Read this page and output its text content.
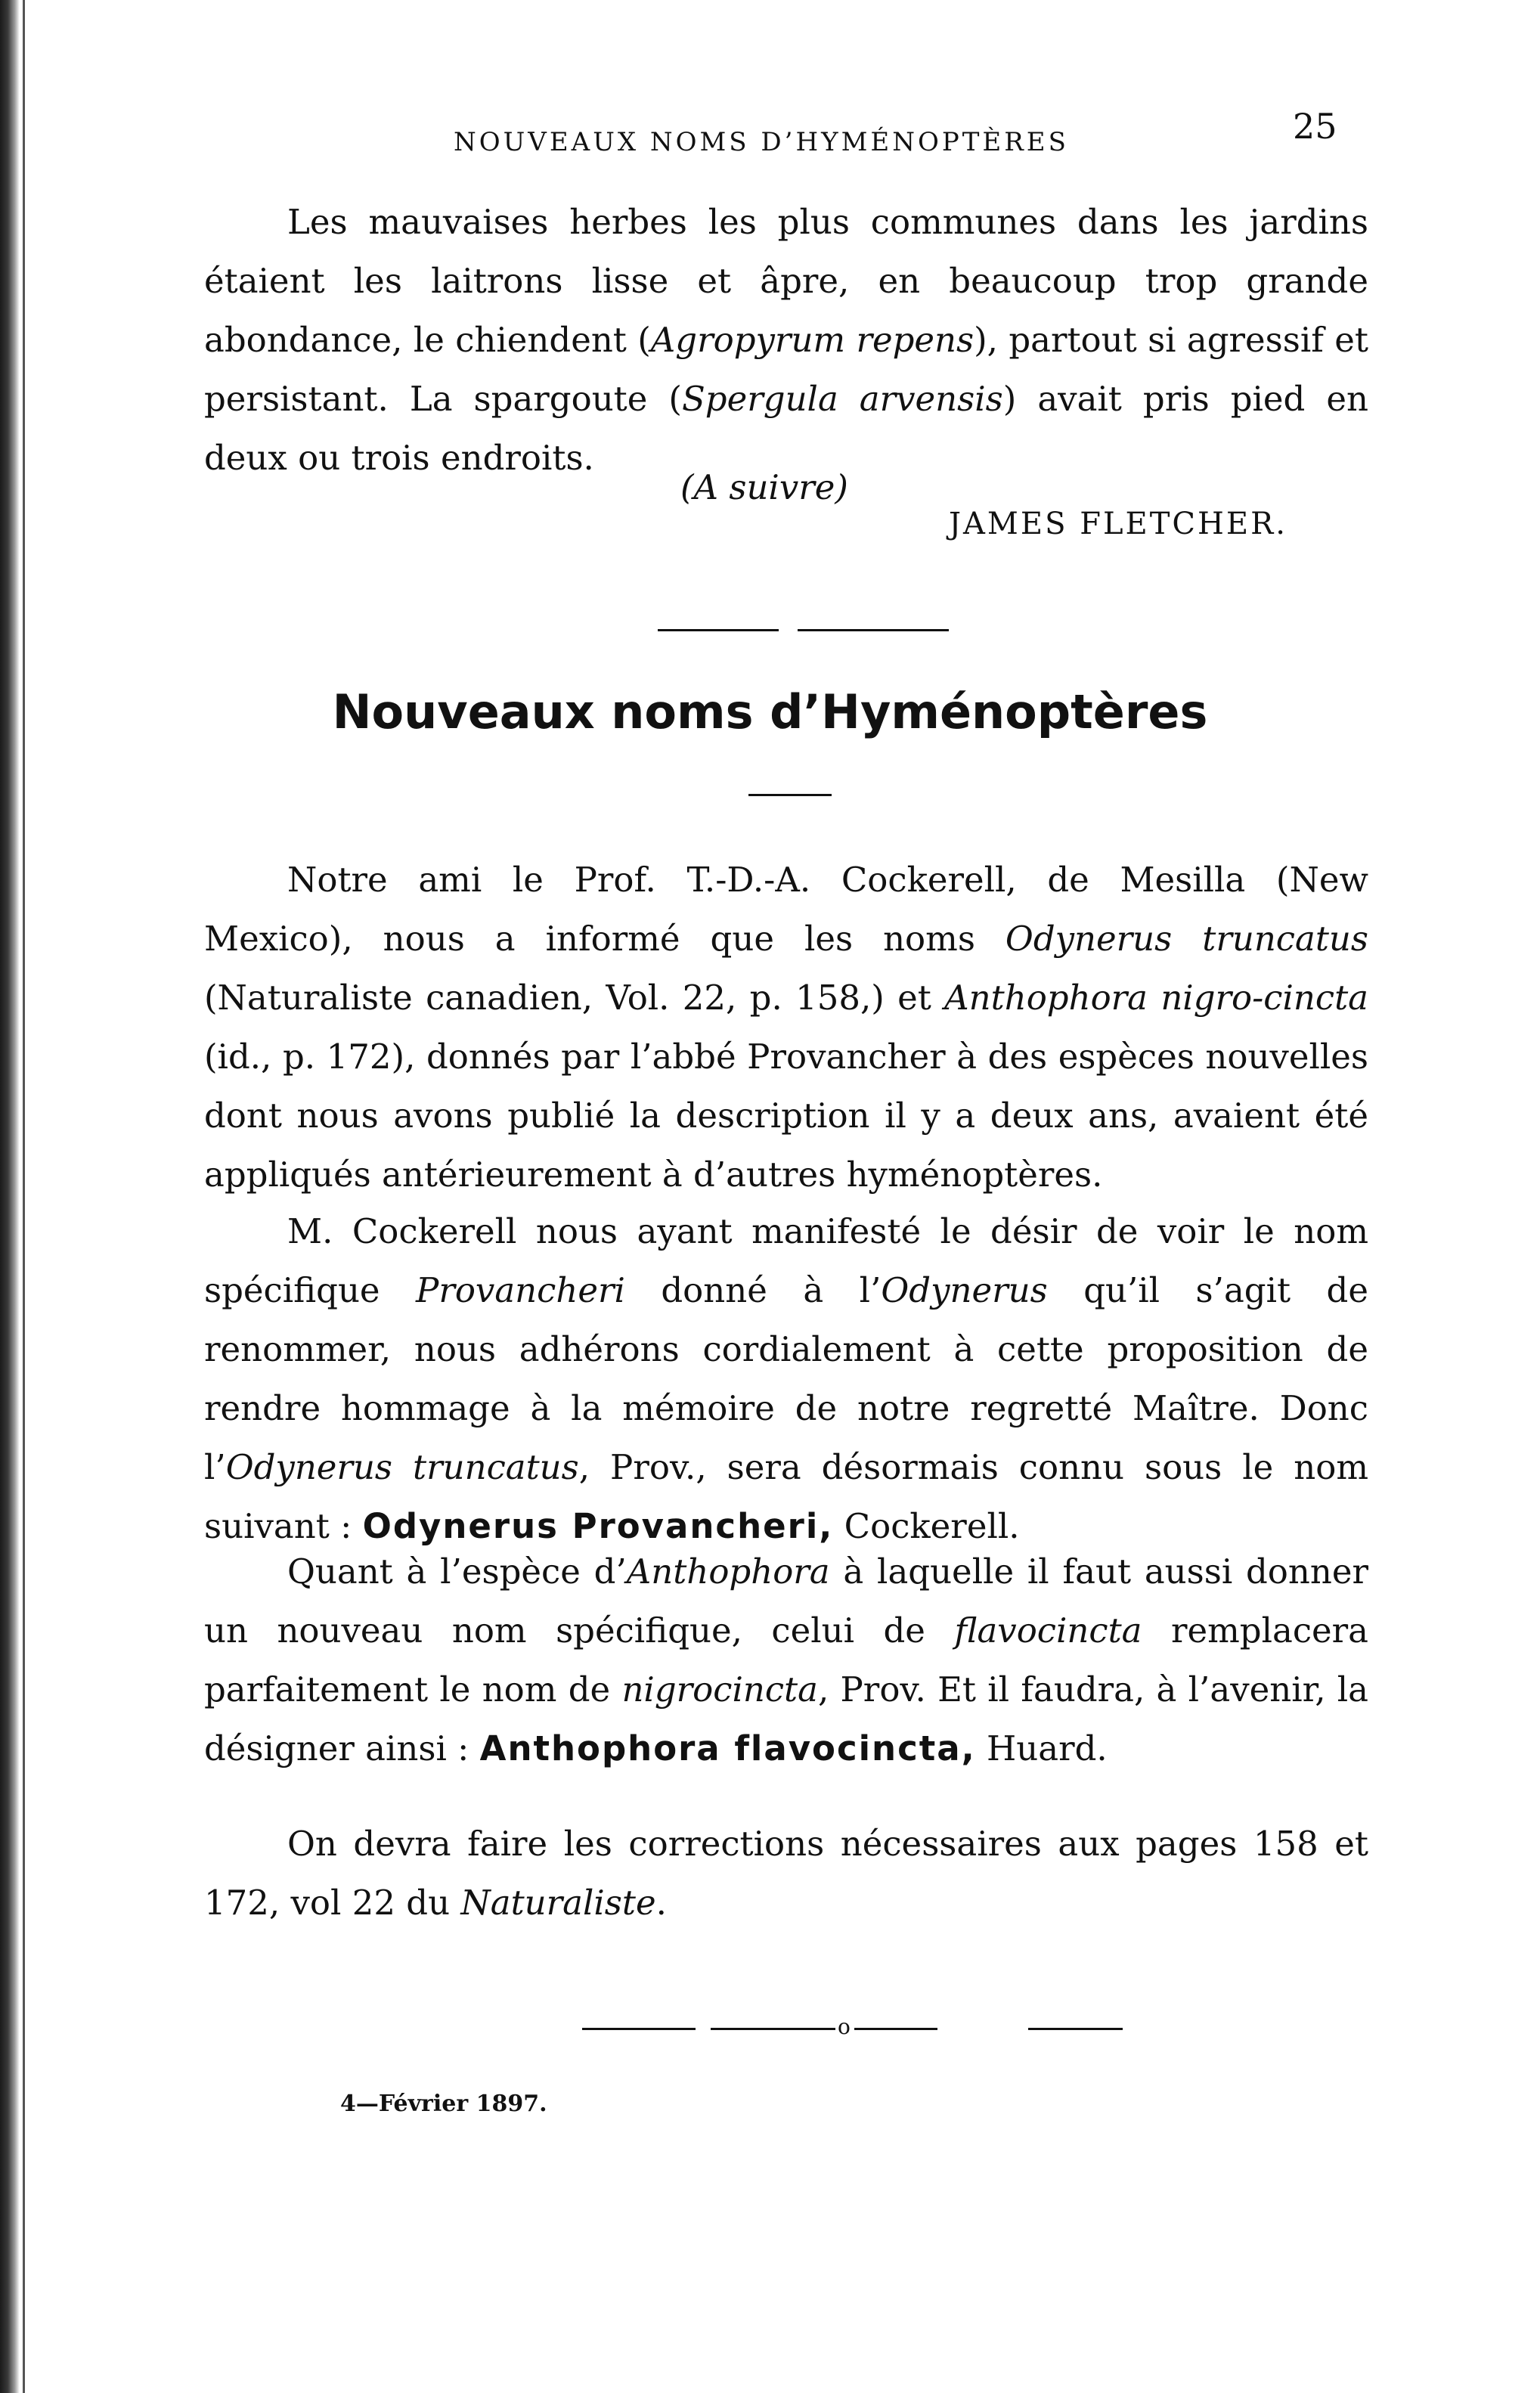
NOUVEAUX NOMS D’HYMÉNOPTÈRES	25

Les mauvaises herbes les plus communes dans les jardins étaient les laitrons lisse et âpre, en beaucoup trop grande abondance, le chiendent (Agropyrum repens), partout si agressif et persistant. La spargoute (Spergula arvensis) avait pris pied en deux ou trois endroits.

(A suivre)
JAMES FLETCHER.
Nouveaux noms d’Hyménoptères

Notre ami le Prof. T.-D.-A. Cockerell, de Mesilla (New Mexico), nous a informé que les noms Odynerus truncatus (Naturaliste canadien, Vol. 22, p. 158,) et Anthophora nigro-cincta (id., p. 172), donnés par l’abbé Provancher à des espèces nouvelles dont nous avons publié la description il y a deux ans, avaient été appliqués antérieurement à d’autres hyménoptères.

M. Cockerell nous ayant manifesté le désir de voir le nom spécifique Provancheri donné à l’Odynerus qu’il s’agit de renommer, nous adhérons cordialement à cette proposition de rendre hommage à la mémoire de notre regretté Maître. Donc l’Odynerus truncatus, Prov., sera désormais connu sous le nom suivant : Odynerus Provancheri, Cockerell.

Quant à l’espèce d’Anthophora à laquelle il faut aussi donner un nouveau nom spécifique, celui de flavocincta remplacera parfaitement le nom de nigrocincta, Prov. Et il faudra, à l’avenir, la désigner ainsi : Anthophora flavocincta, Huard.

On devra faire les corrections nécessaires aux pages 158 et 172, vol 22 du Naturaliste.

o
4—Février 1897.
